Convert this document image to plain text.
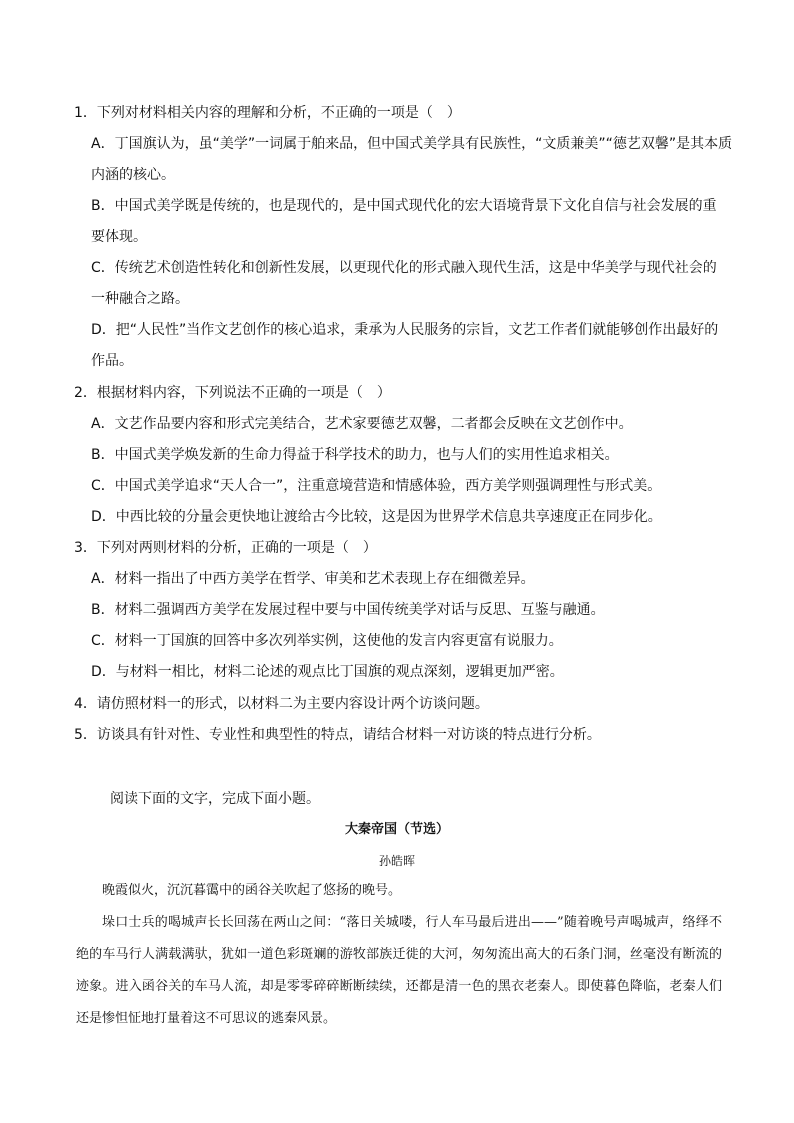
1．下列对材料相关内容的理解和分析，不正确的一项是（　）
A．丁国旗认为，虽“美学”一词属于舶来品，但中国式美学具有民族性，“文质兼美”“德艺双馨”是其本质
内涵的核心。
B．中国式美学既是传统的，也是现代的，是中国式现代化的宏大语境背景下文化自信与社会发展的重
要体现。
C．传统艺术创造性转化和创新性发展，以更现代化的形式融入现代生活，这是中华美学与现代社会的
一种融合之路。
D．把“人民性”当作文艺创作的核心追求，秉承为人民服务的宗旨，文艺工作者们就能够创作出最好的
作品。
2．根据材料内容，下列说法不正确的一项是（　）
A．文艺作品要内容和形式完美结合，艺术家要德艺双馨，二者都会反映在文艺创作中。
B．中国式美学焕发新的生命力得益于科学技术的助力，也与人们的实用性追求相关。
C．中国式美学追求“天人合一”，注重意境营造和情感体验，西方美学则强调理性与形式美。
D．中西比较的分量会更快地让渡给古今比较，这是因为世界学术信息共享速度正在同步化。
3．下列对两则材料的分析，正确的一项是（　）
A．材料一指出了中西方美学在哲学、审美和艺术表现上存在细微差异。
B．材料二强调西方美学在发展过程中要与中国传统美学对话与反思、互鉴与融通。
C．材料一丁国旗的回答中多次列举实例，这使他的发言内容更富有说服力。
D．与材料一相比，材料二论述的观点比丁国旗的观点深刻，逻辑更加严密。
4．请仿照材料一的形式，以材料二为主要内容设计两个访谈问题。
5．访谈具有针对性、专业性和典型性的特点，请结合材料一对访谈的特点进行分析。
阅读下面的文字，完成下面小题。
大秦帝国（节选）
孙皓晖
晚霞似火，沉沉暮霭中的函谷关吹起了悠扬的晚号。
垛口士兵的喝城声长长回荡在两山之间：“落日关城喽，行人车马最后进出——”随着晚号声喝城声，络绎不绝的车马行人满载满驮，犹如一道色彩斑斓的游牧部族迁徙的大河，匆匆流出高大的石条门洞，丝毫没有断流的迹象。进入函谷关的车马人流，却是零零碎碎断断续续，还都是清一色的黑衣老秦人。即使暮色降临，老秦人们还是惨怛怔地打量着这不可思议的逃秦风景。
